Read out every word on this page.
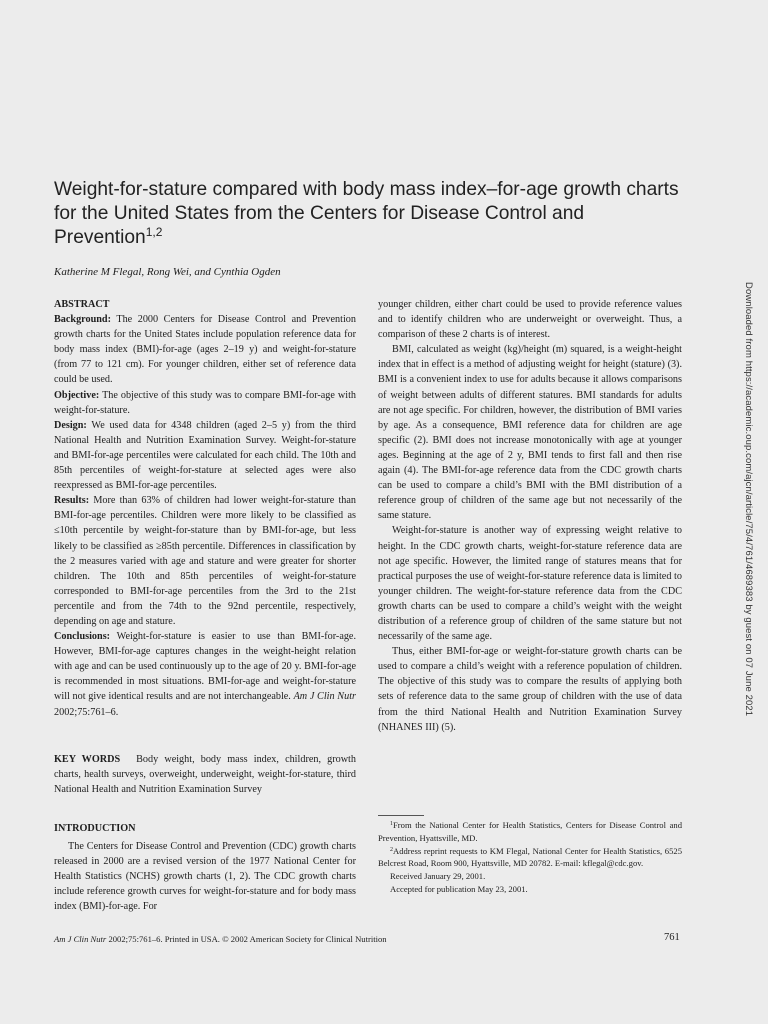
Weight-for-stature compared with body mass index–for-age growth charts for the United States from the Centers for Disease Control and Prevention$^{1,2}$
Katherine M Flegal, Rong Wei, and Cynthia Ogden

ABSTRACT

Background: The 2000 Centers for Disease Control and Prevention growth charts for the United States include population reference data for body mass index (BMI)-for-age (ages 2–19 y) and weight-for-stature (from 77 to 121 cm). For younger children, either set of reference data could be used.

Objective: The objective of this study was to compare BMI-for-age with weight-for-stature.

Design: We used data for 4348 children (aged 2–5 y) from the third National Health and Nutrition Examination Survey. Weight-for-stature and BMI-for-age percentiles were calculated for each child. The 10th and 85th percentiles of weight-for-stature at selected ages were also reexpressed as BMI-for-age percentiles.

Results: More than 63% of children had lower weight-for-stature than BMI-for-age percentiles. Children were more likely to be classified as ≤10th percentile by weight-for-stature than by BMI-for-age, but less likely to be classified as ≥85th percentile. Differences in classification by the 2 measures varied with age and stature and were greater for shorter children. The 10th and 85th percentiles of weight-for-stature corresponded to BMI-for-age percentiles from the 3rd to the 21st percentile and from the 74th to the 92nd percentile, respectively, depending on age and stature.

Conclusions: Weight-for-stature is easier to use than BMI-for-age. However, BMI-for-age captures changes in the weight-height relation with age and can be used continuously up to the age of 20 y. BMI-for-age is recommended in most situations. BMI-for-age and weight-for-stature will not give identical results and are not interchangeable. Am J Clin Nutr 2002;75:761–6.

KEY WORDS Body weight, body mass index, children, growth charts, health surveys, overweight, underweight, weight-for-stature, third National Health and Nutrition Examination Survey

INTRODUCTION

The Centers for Disease Control and Prevention (CDC) growth charts released in 2000 are a revised version of the 1977 National Center for Health Statistics (NCHS) growth charts (1, 2). The CDC growth charts include reference growth curves for weight-for-stature and for body mass index (BMI)-for-age. For

younger children, either chart could be used to provide reference values and to identify children who are underweight or overweight. Thus, a comparison of these 2 charts is of interest.

BMI, calculated as weight (kg)/height (m) squared, is a weight-height index that in effect is a method of adjusting weight for height (stature) (3). BMI is a convenient index to use for adults because it allows comparisons of weight between adults of different statures. BMI standards for adults are not age specific. For children, however, the distribution of BMI varies by age. As a consequence, BMI reference data for children are age specific (2). BMI does not increase monotonically with age at younger ages. Beginning at the age of 2 y, BMI tends to first fall and then rise again (4). The BMI-for-age reference data from the CDC growth charts can be used to compare a child’s BMI with the BMI distribution of a reference group of children of the same age but not necessarily of the same stature.

Weight-for-stature is another way of expressing weight relative to height. In the CDC growth charts, weight-for-stature reference data are not age specific. However, the limited range of statures means that for practical purposes the use of weight-for-stature reference data is limited to younger children. The weight-for-stature reference data from the CDC growth charts can be used to compare a child’s weight with the weight distribution of a reference group of children of the same stature but not necessarily of the same age.

Thus, either BMI-for-age or weight-for-stature growth charts can be used to compare a child’s weight with a reference population of children. The objective of this study was to compare the results of applying both sets of reference data to the same group of children with the use of data from the third National Health and Nutrition Examination Survey (NHANES III) (5).

$^1$From the National Center for Health Statistics, Centers for Disease Control and Prevention, Hyattsville, MD.

$^2$Address reprint requests to KM Flegal, National Center for Health Statistics, 6525 Belcrest Road, Room 900, Hyattsville, MD 20782. E-mail: kflegal@cdc.gov.

Received January 29, 2001.

Accepted for publication May 23, 2001.

Am J Clin Nutr 2002;75:761–6. Printed in USA. © 2002 American Society for Clinical Nutrition	761
Downloaded from https://academic.oup.com/ajcn/article/75/4/761/4689383 by guest on 07 June 2021
